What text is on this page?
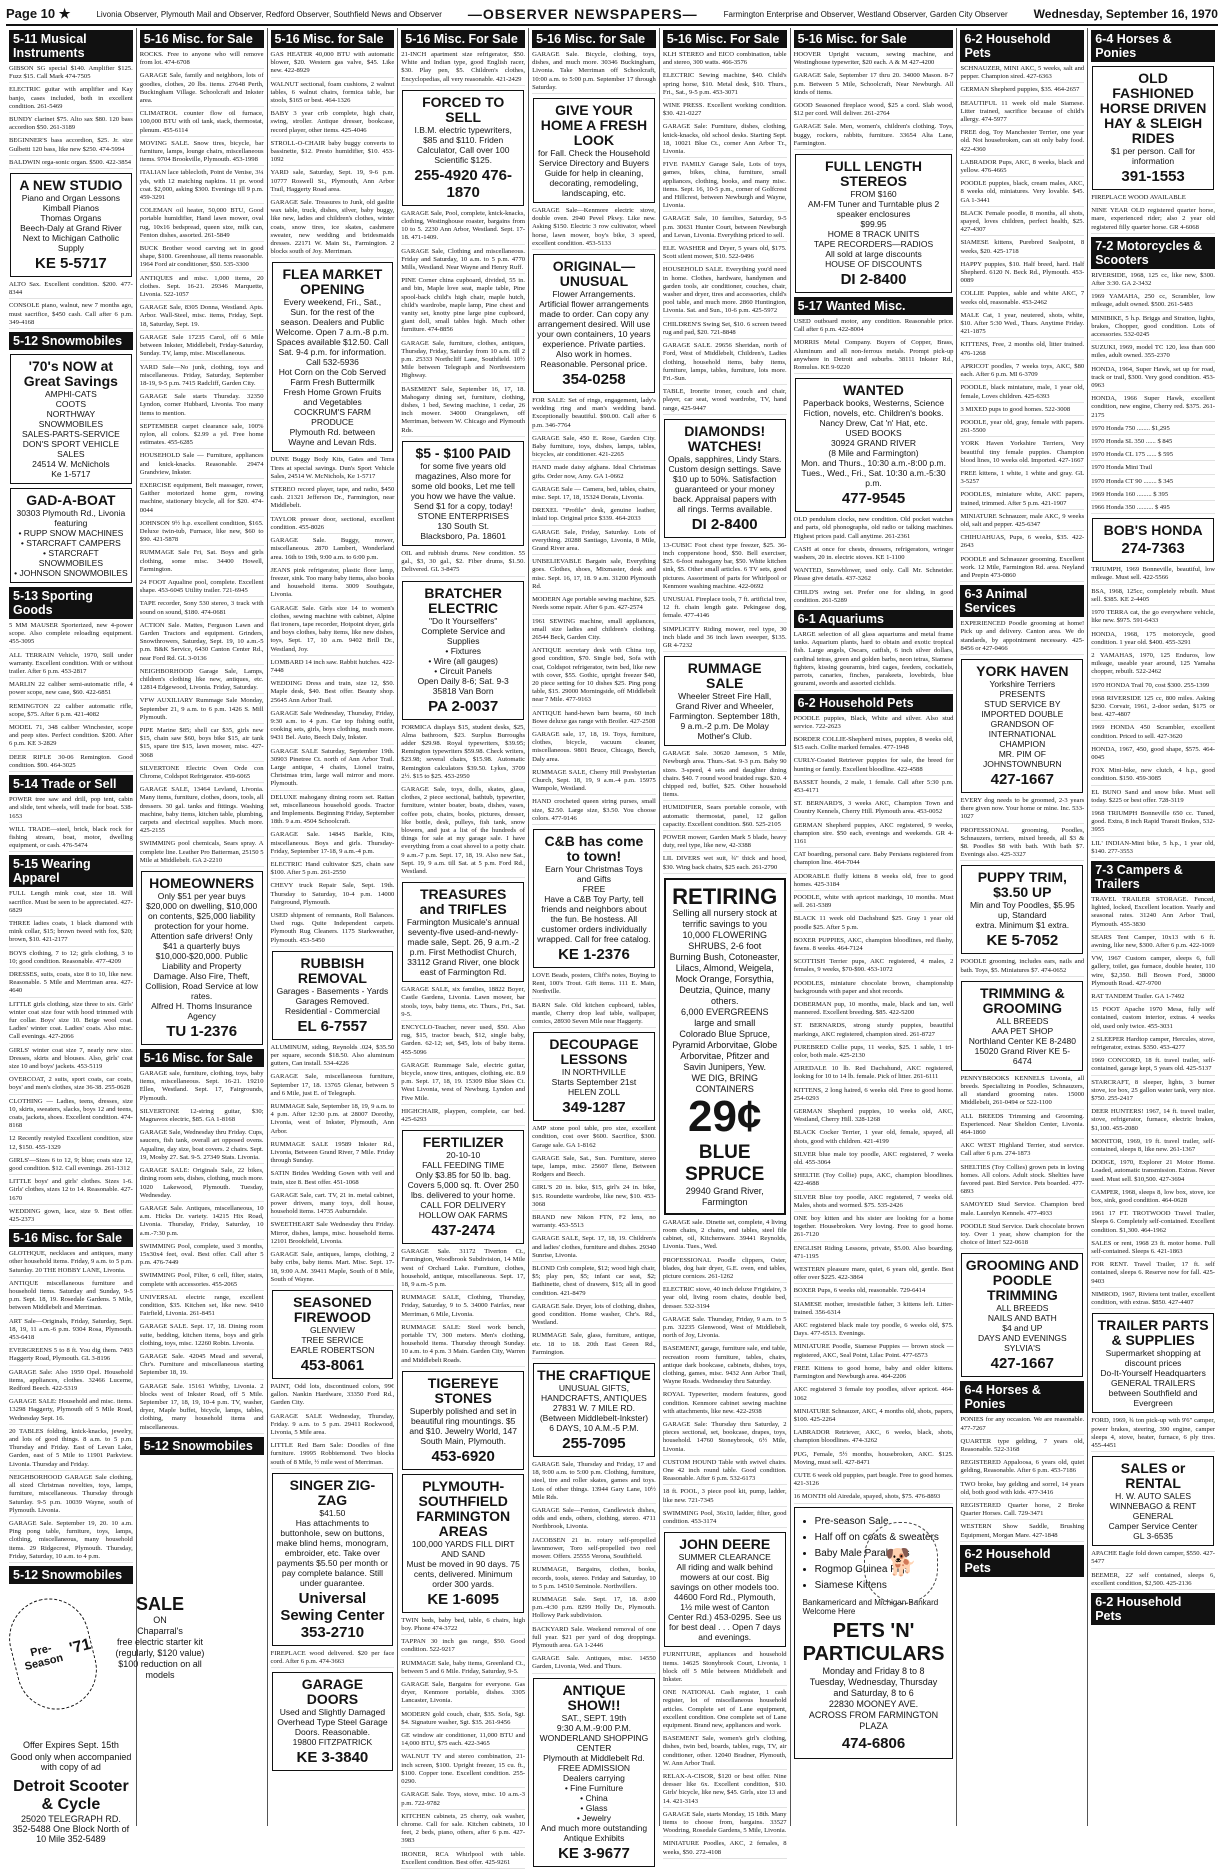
Page 10 ★	Livonia Observer, Plymouth Mail and Observer, Redford Observer, Southfield News and Observer —OBSERVER NEWSPAPERS—	Farmington Enterprise and Observer, Westland Observer, Garden City Observer Wednesday, September 16, 1970
5-11 Musical Instruments
GIBSON SG special $140. Amplifier $125. Fuzz $15. Call Mark 474-7505
ELECTRIC guitar with amplifier and Kay banjo, cases included, both in excellent condition. 261-5469
BUNDY clarinet $75. Alto sax $80. 120 bass accordion $50. 261-3189
BEGINNER'S bass accordion, $25. Jr. size Gulbetti 120 bass, like new $250. 474-5994
BALDWIN orga-sonic organ. $500. 422-3854
A NEW STUDIO
Piano and Organ Lessons
Kimball Pianos
Thomas Organs
Beech-Daly at Grand River
Next to Michigan Catholic Supply
KE 5-5717
ALTO Sax. Excellent condition. $200. 477-8344
CONSOLE piano, walnut, new 7 months ago, must sacrifice, $450 cash. Call after 6 p.m. 349-4168
5-12 Snowmobiles
'70's NOW at Great Savings
AMPHI-CATS
COOTS
NORTHWAY SNOWMOBILES
SALES-PARTS-SERVICE
DON'S SPORT VEHICLE SALES
24514 W. McNichols
Ke 1-5717
GAD-A-BOAT
30303 Plymouth Rd., Livonia featuring
• RUPP SNOW MACHINES
• STARCRAFT CAMPERS
• STARCRAFT SNOWMOBILES
• JOHNSON SNOWMOBILES
5-13 Sporting Goods
5 MM MAUSER Sporterized, new 4-power scope. Also complete reloading equipment. 455-3095
ALL TERRAIN Vehicle, 1970, Still under warranty. Excellent condition. With or without trailer. After 6 p.m. 453-2817
MARLIN 22 caliber semi-automatic rifle, 4 power scope, new case, $60. 422-6851
REMINGTON 22 caliber automatic rifle, scope, $75. After 6 p.m. 421-4082
MODEL 71, 348 caliber Winchester, scope and peep sites. Perfect condition. $200. After 6 p.m. KE 3-2829
DEER RIFLE 30-06 Remington. Good condition. $90. 464-3025
5-14 Trade or Sell
POWER tree saw and drill, pop tent, cabin and slide, tent wheels, will trade for boat. 538-1653
WILL TRADE—steel, brick, black rock for fishing stream, boat, motor, dwelling equipment, or cash. 476-5474
5-15 Wearing Apparel
FULL Length mink coat, size 18. Will sacrifice. Must be seen to be appreciated. 427-6829
THREE ladies coats, 1 black diamond with mink collar, $15; brown tweed with fox, $20; brown, $10. 421-2177
BOYS clothing, 7 to 12; girls clothing, 3 to 10; good condition. Reasonable. 477-4209
DRESSES, suits, coats, size 8 to 10, like new. Reasonable. 5 Mile and Merriman area. 427-4640
LITTLE girls clothing, size three to six. Girls' winter coat size four with hood trimmed with fur collar. Boys' size 10. Beige wool coat. Ladies' winter coat. Ladies' coats. Also misc. Call evenings. 427-2066
GIRLS' winter coat size 7, nearly new size. Dresses, skirts and blouses. Also, girls' coat size 10 and boys' jackets. 453-5119
OVERCOAT, 2 suits, sport coats, car coats, boys' and men's clothes, size 36-38. 255-0628
CLOTHING — Ladies, teens, dresses, size 10, skirts, sweaters, slacks, boys 12 and teens, coats, jackets, shoes. Excellent condition. 474-8168
12 Recently restyled Excellent condition, size 12, $150. 455-1329
GIRLS'—Sizes 6 to 12, 9; blue; coats size 12, good condition. $12. Call evenings. 261-1312
LITTLE boys' and girls' clothes. Sizes 1-6. Girls' clothes, sizes 12 to 14. Reasonable. 427-1670
WEDDING gown, lace, size 9. Best offer. 425-2373
5-16 Misc. for Sale
GLOTHQUE, necklaces and antiques, many other household items. Friday, 9 a.m. to 5 p.m. Saturday. 20 THE HOBBY LANE, Livonia.
ANTIQUE miscellaneous furniture and household items. Saturday and Sunday, 9-5 p.m. Sept. 18, 19. Rosedale Gardens. 5 Mile, between Middlebelt and Merriman.
ART Sale—Originals, Friday, Saturday, Sept. 18, 19, 11 a.m.-6 p.m. 9304 Rosa, Plymouth. 453-6418
EVERGREENS 5 to 8 ft. You dig them. 7493 Haggerty Road, Plymouth. GL 3-8196
GARAGE Sale: Also 1959 Opel. Household items, appliances, clothes. 32466 Lucerne, Redford Beech. 422-5319
GARAGE SALE: Household and misc. items. 13298 Haggerty, Plymouth off 5 Mile Road, Wednesday Sept. 16.
20 TABLES folding, knick-knacks, jewelry, and lots of good things. 8 a.m. to 5 p.m. Thursday and Friday. East of Levan Lake, Garden, east of 5 Mile to 11901 Parkview. Livonia. Thursday and Friday.
NEIGHBORHOOD GARAGE Sale clothing, all sized Christmas novelties, toys, lamps, furniture, miscellaneous. Thursday through Saturday. 9-5 p.m. 10039 Wayne, south of Plymouth. Livonia.
GARAGE Sale. September 19, 20. 10 a.m. Ping pong table, furniture, toys, lamps, clothing, miscellaneous, many household items. 29 Ridgecrest, Plymouth. Thursday, Friday, Saturday, 10 a.m. to 4 p.m.
5-12 Snowmobiles
Pre-Season
'71
SALE
ON
Chaparral's
free electric starter kit
(regularly, $120 value)
$100 reduction on all
models
Offer Expires Sept. 15th
Good only when accompanied with copy of ad
Detroit Scooter & Cycle
25020 TELEGRAPH RD.
352-5488 One Block North of 10 Mile 352-5489
5-16 Misc. for Sale
ROCKS. Free to anyone who will remove from lot. 474-6708
GARAGE Sale, family and neighbors, lots of goodies, clothes, 20 lbs. items. 27648 Perth, Buckingham Village. Schoolcraft and Inkster area.
CLIMATROL counter flow oil furnace, 100,000 BTU with oil tank, stack, thermostat, plenum. 455-6114
MOVING SALE. Snow tires, bicycle, bar furniture, lamps, lounge chairs, miscellaneous items. 9704 Brookville, Plymouth. 453-1998
ITALIAN lace tablecloth, Point de Venise, 3¼ yds, with 12 matching napkins. 11 pr. wood coat. $2,000, asking $300. Evenings till 9 p.m. 459-3291
COLEMAN oil heater, 50,000 BTU, Good portable humidifier, Hand lawn mower, oval rug, 10x16 bedspread, queen size, milk can, Fenton dishes, assorted. 261-5849
BUCK Brother wood carving set in good shape, $100. Greenhouse, all items reasonable. 1964 Ford air conditioner, $50. 535-3300
ANTIQUES and misc. 1,000 items, 20 clothes. Sept. 16-21. 29346 Marquette, Livonia. 522-1057
GARAGE Sale, 8305 Donna, Westland. Apts. Arbor. Wall-Steel, misc. items, Friday, Sept. 18, Saturday, Sept. 19.
GARAGE Sale 17235 Carol, off 6 Mile between Inkster, Middlebelt, Friday-Saturday, Sunday. TV, lamp, misc. Miscellaneous.
YARD Sale—No junk, clothing, toys and miscellaneous. Friday, Saturday, September 18-19, 9-5 p.m. 7415 Radcliff, Garden City.
GARAGE Sale starts Thursday. 32350 Lyndon, corner Hubbard, Livonia. Too many items to mention.
SEPTEMBER carpet clearance sale, 100% nylon, all colors. $2.99 a yd. Free home estimates. 455-6285
HOUSEHOLD Sale — Furniture, appliances and knick-knacks. Reasonable. 29474 Grandview, Inkster.
EXERCISE equipment, Belt massager, rower, Gaither motorized home gym, rowing machine, stationary bicycle, all for $20. 474-0044
JOHNSON 9½ h.p. excellent condition, $165. Deluxe twin-tub, Furnace, like new, $60 to $90. 421-5878
RUMMAGE Sale Fri, Sat. Boys and girls clothing, some misc. 34400 Howell, Farmington.
24 FOOT Aqualine pool, complete. Excellent shape. 453-6045 Utility trailer. 721-6945
TAPE recorder, Sony 530 stereo, 3 track with sound on sound, $180. 474-0681
ACTION Sale. Mattes, Ferguson Lawn and Garden Tractors and equipment. Grinders, Snowthrowers, Saturday, Sept. 19, 10 a.m.-5 p.m. B&K Service, 6430 Canton Center Rd., near Ford Rd. GL 3-0136
NEIGHBORHOOD Garage Sale, Lamps, children's clothing like new, antiques, etc. 12814 Edgewood, Livonia. Friday, Saturday.
VFW AUXILIARY Rummage Sale Monday, September 21, 9 a.m. to 6 p.m. 1426 S. Mill Plymouth.
PIPE Marine $85; shell car $35, girls new $15, chain saw $60, boys bike $15, air tank $15, spare tire $15, lawn mower, misc. 427-3068
SILVERTONE Electric Oven Orde con Chrome, Coldspot Refrigerator. 459-6065
GARAGE SALE, 13464 Levland, Livonia. Many items, furniture, clothes, doors, tools, all dressers. 30 gal. tanks and fittings. Washing machine, baby items, kitchen table, plumbing, carpets and electrical supplies. Much more. 425-2155
SWIMMING pool chemicals, Sears spray. A complete line. Leather Pro Batterman, 25150 5 Mile at Middlebelt. GA 2-2210
HOMEOWNERS
Only $51 per year buys $20,000 on dwelling, $10,000 on contents, $25,000 liability protection for your home. Attention safe drivers! Only $41 a quarterly buys $10,000-$20,000. Public Liability and Property Damage. Also Fire, Theft, Collision, Road Service at low rates.
Alfred H. Thoms Insurance Agency
TU 1-2376
5-16 Misc. for Sale
GARAGE sale, furniture, clothing, toys, baby items, miscellaneous. Sept. 16-21. 19210 Ellen, Westland. Sept. 17, Fairgrounds, Plymouth.
SILVERTONE 12-string guitar, $30; Magnavox electric, $85. GA 1-8168
GARAGE Sale, Wednesday thru Friday. Cups, saucers, fish tank, overall art opposed ovens. Aqualine, day size, boat covers. 2 chairs. Sept. 19, Mosby 27. Sat. 9-5. 27349 Stats. Livonia.
GARAGE SALE: Originals Sale, 22 bikes, dining room sets, dishes, clothing, much more. 1020 Lakewood, Plymouth. Tuesday, Wednesday.
GARAGE Sale. Antiques, miscellaneous, 10 a.m. Hicks Dr. variety. 14215 Hix Road, Livonia. Thursday, Friday, Saturday, 10 a.m.-7:30 p.m.
SWIMMING Pool, complete, used 3 months, 15x30x4 feet, oval. Best offer. Call after 5 p.m. 476-7449
SWIMMING Pool, Filter, 6 cell, filter, stairs, complete with accessories. 455-2065
UNIVERSAL electric range, excellent condition, $35. Kitchen set, like new. 9410 Fairfield, Livonia. 261-8451
GARAGE SALE. Sept. 17, 18. Dining room suite, bedding, kitchen items, boys and girls clothing, toys, misc. 12260 Robin. Livonia.
GARAGE Sale. 42045 Mead and several, Chr's. Furniture and miscellaneous starting September 18, 19.
GARAGE Sale. 15161 Whitby, Livonia. 2 blocks west of Inkster Road, off 5 Mile. September 17, 18, 19, 10-4 p.m. TV, washer, dryer, Maple buffet, bicycle, lamps, tables, clothing, many household items and miscellaneous.
5-12 Snowmobiles
5-16 Misc. for Sale
GAS HEATER 40,000 BTU with automatic blower, $20. Western gas valve, $45. Like new. 422-8929
WALNUT sectional, foam cushions, 2 walnut tables, 6 walnut chairs, formica table, bar stools, $165 or best. 464-1326
BABY 3 year crib complete, high chair, swing, stroller. Antique dresser, bookcase, record player, other items. 425-4046
STROLL-O-CHAIR baby buggy converts to bassinette, $12. Presto humidifier, $10. 453-1092
YARD sale, Saturday, Sept. 19, 9-6 p.m. 10777 Roswell St., Plymouth, Ann Arbor Trail, Haggerty Road area.
GARAGE Sale. Treasures to Junk, old gaslite wax table, truck, dishes, silver, baby buggy, like new, ladies and children's clothes, winter coats, snow tires, ice skates, cashmere sweater, new wedding and bridesmaids dresses. 22171 W. Main St., Farmington. 2 blocks south of Joy. Merriman.
FLEA MARKET OPENING
Every weekend, Fri., Sat., Sun. for the rest of the season. Dealers and Public Welcome. Open 7 a.m.-8 p.m. Spaces available $12.50. Call Sat. 9-4 p.m. for information. Call 532-5936
Hot Corn on the Cob Served
Farm Fresh Buttermilk
Fresh Home Grown Fruits and Vegetables
COCKRUM'S FARM PRODUCE
Plymouth Rd. between Wayne and Levan Rds.
DUNE Buggy Body Kits, Gates and Terra Tires at special savings. Dun's Sport Vehicle Sales, 24514 W. McNichols, Ke 1-5717
STEREO record player, tape, and radio, $450 cash. 21321 Jefferson Dr., Farmington, near Middlebelt.
TAYLOR presser door, sectional, excellent condition. 455-8026
GARAGE Sale. Buggy, mower, miscellaneous. 2870 Lambert, Wonderland area. 16th to 19th, 9:00 a.m. to 6:00 p.m.
JEANS pink refrigerator, plastic floor lamp, freezer, sink. Too many baby items, also books and household items. 3009 Southgate, Livonia.
GARAGE Sale. Girls size 14 to women's clothes, sewing machine with cabinet, Alpine flat ironers, tape recorder, Hotpoint dryer, girls and boys clothes, baby items, like new dishes, toys, Sept. 17, 10 a.m. 9402 Brill Dr., Westland, Joy.
LOMBARD 14 inch saw. Rabbit hutches. 422-7448
WEDDING Dress and train, size 12, $50. Maple desk, $40. Best offer. Beauty shop. 25645 Ann Arbor Trail.
GARAGE Sale Wednesday, Thursday, Friday, 9:30 a.m. to 4 p.m. Car top fishing outfit, cooking sets, girls, boys clothing, much more. 9431 Bel. Auto, Beech Daly, Inkster.
GARAGE SALE Saturday, September 19th. 30903 Pinetree Ct. north of Ann Arbor Trail. Large antique, 4 chairs, Lionel trains, Christmas trim, large wall mirror and more. Plymouth.
DELUXE mahogany dining room set. Rattan set, miscellaneous household goods. Tractor and Implements. Beginning Friday, September 18th. 9 a.m. 4504 Schoolcraft.
GARAGE Sale. 14845 Barkle, Kits, miscellaneous. Boys and girls. Thursday-Friday, September 17-18, 9 a.m.-4 p.m.
ELECTRIC Hand cultivator $25, chain saw $100. After 5 p.m. 261-2550
CHEVY truck Repair Sale, Sept. 19th. Thursday to Saturday, 10-4 p.m. 14000 Fairground, Plymouth.
USED shipment of remnants, Roll Balances. Used rugs. Quite Independent carpets. Plymouth Rug Cleaners. 1175 Starkweather, Plymouth. 453-5450
RUBBISH REMOVAL
Garages - Basements - Yards
Garages Removed.
Residential - Commercial
EL 6-7557
ALUMINUM, siding, Reynolds .024, $35.50 per square, seconds $18.50. Also aluminum gutters, Can install. 534-4226
GARAGE Sale, miscellaneous furniture, September 17, 18. 13765 Glenar, between 5 and 6 Mile, just E. of Telegraph.
RUMMAGE Sale, September 18, 19, 9 a.m. to 4 p.m. After 12:30 p.m. at 28007 Dorothy, Livonia, west of Inkster, Plymouth, Ann Arbor.
RUMMAGE SALE 19589 Inkster Rd., Livonia, Between Grand River, 7 Mile. Friday through Sunday.
SATIN Brides Wedding Gown with veil and train, size 8. Best offer. 451-1068
GARAGE Sale, cart. TV, 21 in. metal cabinet, power drivers, many toys, doll house, household items. 14735 Auburndale.
SWEETHEART Sale Wednesday thru Friday. Mirror, dishes, lamps, misc. household items. 12101 Brookfield, Livonia.
GARAGE Sale, antiques, lamps, clothing, 2 baby cribs, baby items. Mart. Misc. Sept. 17-18, 9:00 A.M. 39411 Maple, South of 8 Mile, South of Wayne.
SEASONED FIREWOOD
GLENVIEW
TREE SERVICE
EARLE ROBERTSON
453-8061
PAINT, Odd lots, discontinued colors, 99¢ gallon. Nankin Hardware, 33350 Ford Rd., Garden City.
GARAGE SALE Wednesday, Thursday, Friday. 9 a.m. to 5 p.m. 29411 Rockwood, Livonia, 5 Mile area.
LITTLE Red Barn Sale: Doodles of fine furniture. 19995 Robbiemond. Two blocks south of 8 Mile, ½ mile west of Merriman.
SINGER ZIG-ZAG
$41.50
Has attachments to buttonhole, sew on buttons, make blind hems, monogram, embroider, etc. Take over payments $5.50 per month or pay complete balance. Still under guarantee.
Universal Sewing Center 353-2710
FIREPLACE wood delivered. $20 per face cord. After 6 p.m. 474-3663
GARAGE DOORS
Used and Slightly Damaged
Overhead Type Steel Garage Doors. Reasonable.
19800 FITZPATRICK
KE 3-3840
5-16 Misc. For Sale
21-INCH apartment size refrigerator, $50. White and Indian type, good English racer, $30. Play pen, $5. Children's clothes, Encyclopedias, all very reasonable. 421-2429
FORCED TO SELL
I.B.M. electric typewriters, $85 and $110. Friden Calculator, Call over 100 Scientific $125.
255-4920 476-1870
GARAGE Sale, Pool, complete, knick-knacks, clothing, Westinghouse roaster, bargains from 10 to 5. 2230 Ann Arbor, Westland. Sept. 17-18. 471-1409.
GARAGE Sale, Clothing and miscellaneous. Friday and Saturday, 10 a.m. to 5 p.m. 4770 Mills, Westland. Near Wayne and Henry Ruff.
PINE Corner china cupboard, divided, 55 in. and bin, Maple love seat, maple table, Pine spool-back child's high chair, maple hutch, child's wardrobe, maple lamp, Pine chest and vanity set, knotty pine large pine cupboard, giant doll, small tables high. Much other furniture. 474-8856
GARAGE Sale, furniture, clothes, antiques, Thursday, Friday, Saturday from 10 a.m. till 2 p.m. 25333 Northcliff Lane, Southfield. 10½ Mile between Telegraph and Northwestern Highway.
BASEMENT Sale, September 16, 17, 18. Mahogany dining set, furniture, clothing, dishes, 1 bed, Sewing machine, 1 cedar, 26 inch mower. 34000 Orangelawn, off Merriman, between W. Chicago and Plymouth Rds.
$5 - $100 PAID
for some five years old magazines, Also more for some old books, Let me tell you how we have the value. Send $1 for a copy, today!
STONE ENTERPRISES
130 South St.
Blacksboro, Pa. 18601
OIL and rubbish drums. New condition. 55 gal., $3, 30 gal., $2. Fiber drums, $1.50. Delivered. GL 3-8475
BRATCHER ELECTRIC
"Do It Yourselfers"
Complete Service and Supplies
• Fixtures
• Wire (all gauges)
• Circuit Panels
Open Daily 8-6; Sat. 9-3
35818 Van Born
PA 2-0037
FORMICA displays $15, student desks, $25, Alma bathroom, $23. Surplus Burroughs adder $29.98. Royal typewriters, $39.95; Remington typewriters $59.98. Check writers, $23.98; several chairs, $15.98. Automatic Remington calculators $39.50. Lykes, 3709 2½. $15 to $25. 453-2950
GARAGE Sale, toys, dolls, skates, glass, clothes, 2 piece sectional, bathtub, typewriter, furniture, winter boater, boats, dishes, vases, coffee pots, chairs, books, pictures, dresser, like bottle, desk, pulleys, fish tank, snow blowers, and just a list of the hundreds of things for sale at my garage sale. I have everything from a coat shovel to a potty chair. 9 a.m.-7 p.m. Sept. 17, 18, 19. Also new Sat., Sept. 19, 9 a.m. till Sat. at 5 p.m. Ford Rd., Westland.
TREASURES and TRIFLES
Farmington Musicale's annual seventy-five used-and-newly-made sale, Sept. 26, 9 a.m.-2 p.m. First Methodist Church, 33112 Grand River, one block east of Farmington Rd.
GARAGE SALE, six families, 18822 Boyer, Castle Gardens, Livonia. Lawn mower, bar stools, toys, baby items, etc. Thurs., Fri., Sat. 9-5.
ENCYCLO-Teacher, never used, $50. Also rug, $15, tractor beach, $12, single baby, Garden. 62-12; set, $45, lots of baby items. 455-5096
GARAGE Rummage Sale, electric guitar, bicycle, snow tires, antiques, clothing, etc. 8.9 p.m. Sept. 17, 18, 19. 15309 Blue Skies Ct. West Livonia, west of Newburg. Lyndon and Five Mile.
HIGHCHAIR, playpen, complete, car bed. 425-6293
FERTILIZER
20-10-10
FALL FEEDING TIME
Only $3.85 for 50 lb. bag. Covers 5,000 sq. ft. Over 250 lbs. delivered to your home.
CALL FOR DELIVERY
HOLLOW OAK FARMS
437-2474
GARAGE Sale. 31172 Tiverton Ct., Farmington, Woodbrook Subdivision, 14 Mile west of Orchard Lake. Furniture, clothes, household, antique, miscellaneous. Sept. 17, 18, 9 a.m.-5 p.m.
RUMMAGE SALE, Clothing, Thursday, Friday, Saturday, 9 to 5. 34000 Fairfax, near Merriman, 6 Mile, Livonia.
RUMMAGE SALE: Steel work bench, portable TV, 300 meters. Men's clothing, household items. Thursday through Sunday. 10 a.m. to 4 p.m. 3 Main. Garden City, Warren and Middlebelt Roads.
TIGEREYE STONES
Superbly polished and set in beautiful ring mountings. $5 and $10. Jewelry World, 147 South Main, Plymouth.
453-6920
PLYMOUTH-SOUTHFIELD FARMINGTON AREAS
100,000 YARDS FILL DIRT AND SAND
Must be moved in 90 days. 75 cents, delivered. Minimum order 300 yards.
KE 1-6095
TWIN beds, baby bed, table, 6 chairs, high boy. Phone 474-3722
TAPPAN 30 inch gas range, $50. Good condition. 522-9217
RUMMAGE Sale, baby items, Greenland Ct., between 5 and 6 Mile. Friday, Saturday, 9-5.
GARAGE Sale, Bargains for everyone. Gas dryer, Kenmore portable, dishes. 3305 Lancaster, Livonia.
MODERN gold couch, chair, $35. Sofa, Sgt. $4. Signature washer, Sgt. $35. 261-9456
GE window air conditioner, 11,000 BTU and 14,000 BTU, $75 each. 422-3465
WALNUT TV and stereo combination, 21-inch screen, $100. Upright freezer, 15 cu. ft., $100. Copper tone. Excellent condition. 255-0290.
GARAGE Sale. Toys, stove, misc. 10 a.m.-3 p.m. 722-9782
KITCHEN cabinets, 25 cherry, oak washer, chrome. Call for sale. Kitchen cabinets, 10 feet, 2 beds, piano, others, after 6 p.m. 427-3983
IRONER, RCA Whirlpool with table. Excellent condition. Best offer. 425-9261
5-16 Misc. for Sale
GARAGE Sale. Bicycle, clothing, toys, dishes, and much more. 30346 Buckingham, Livonia. Take Merriman off Schoolcraft, 10:00 a.m. to 5:00 p.m. September 17 through Saturday.
GIVE YOUR HOME A FRESH LOOK
for Fall. Check the Household Service Directory and Buyers Guide for help in cleaning, decorating, remodeling, landscaping, etc.
GARAGE Sale—Kenmore electric stove, double oven. 2940 Pevel Pkwy. Like new. Asking $150. Electric 3 row cultivator, wheel horse, lawn mower, boy's bike, 3 speed, excellent condition. 453-5133
ORIGINAL—UNUSUAL
Flower Arrangements. Artificial flower arrangements made to order. Can copy any arrangement desired. Will use your own containers, 10 years experience. Private parties. Also work in homes. Reasonable. Personal price.
354-0258
FOR SALE: Set of rings, engagement, lady's wedding ring and man's wedding band. Exceptionally beautiful. $90.00. Call after 6 p.m. 346-7764
GARAGE Sale, 450 E. Rose, Garden City. Baby furniture, toys, dishes, lamps, tables, bicycles, air conditioner. 421-2265
HAND made daisy afghans. Ideal Christmas gifts. Order now, Amy. GA 1-0662
GARAGE Sale — Camera, bed, tables, chairs, misc. Sept. 17, 18, 15324 Dorais, Livonia.
DREXEL "Profile" desk, genuine leather, inlaid top. Original price $339. 464-2033
GARAGE Sale, Friday, Saturday. Lots of everything. 20288 Santiago, Livonia, 8 Mile, Grand River area.
UNBELIEVABLE Bargain sale, Everything goes. Clothes, shoes, Mixmaster, desk and misc. Sept. 16, 17, 18. 9 a.m. 31200 Plymouth Rd.
MODERN Age portable sewing machine, $25. Needs some repair. After 6 p.m. 427-2574
1961 SEWING machine, small appliances, small size ladies and children's clothing. 26544 Beck, Garden City.
ANTIQUE secretary desk with China top, good condition, $70. Single bed, Sofa with coat, Coldspot refrigerator, twin bed, like new with cover, $55. Gothic, upright freezer $40, 20 piece setting for 10 dishes $25. Ping pong table, $15. 29000 Morningside, off Middlebelt near 7 Mile. 477-9163
ANTIQUE hand-hewn barn beams, 60 inch Bowe deluxe gas range with Broiler. 427-2508
GARAGE sale, 17, 18, 19. Toys, furniture, clothes, bicycle, vacuum cleaner, miscellaneous. 9801 Bruce, Chicago, Beech, Daly area.
RUMMAGE SALE, Cherry Hill Presbyterian Church, Sept. 18, 19, 9 a.m.-4 p.m. 15975 Wampole, Westland.
HAND crocheted queen string purses, small size, $2.50. Large size, $3.50. You choose colors. 477-9146
C&B has come to town!
Earn Your Christmas Toys and Gifts
FREE
Have a C&B Toy Party, tell friends and neighbors about the fun. Be hostess. All customer orders individually wrapped. Call for free catalog.
KE 1-2376
LOVE Beads, posters, Cliff's notes, Buying to Rent, 100's Trout. Gift items. 111 E. Main, Northville.
BARN Sale. Old kitchen cupboard, tables, mantle, Cherry drop leaf table, wallpaper, comics, 28930 Seven Mile near Haggerty.
DECOUPAGE LESSONS
IN NORTHVILLE
Starts September 21st
HELEN ZOLL
349-1287
AMP stone pool table, pro size, excellent condition, cost over $600. Sacrifice, $300. Garage sale. GA 1-8162
GARAGE Sale, Sat., Sun. Furniture, stereo tape, lamps, misc. 25607 Ilene, Between Rodgers and Beech.
GIRL'S 20 in. bike, $15, girl's 24 in. bike, $15. Roundette wardrobe, like new, $10. 453-3068
BRAND new Nikon FTN, F2 lens, no warranty. 453-5513
GARAGE SALE, Sept. 17, 18, 19. Children's and ladies' clothes, furniture and dishes. 29340 Sunrise, Livonia.
BLOND Crib complete, $12; wood high chair, $5; play pen, $5; infant car seat, $2; Bathinette, chest of drawers, $15; all in good condition. 421-8479
GARAGE Sale. Dryer, lots of clothing, dishes, good condition. Home washer, Chr's. Rd., Westland.
RUMMAGE Sale, glass, furniture, antique, etc. 18 to 18. 20th East Green Rd., Farmington.
THE CRAFTIQUE
UNUSUAL GIFTS, HANDCRAFTS, ANTIQUES
27831 W. 7 MILE RD. (Between Middlebelt-Inkster)
6 DAYS, 10 A.M.-5 P.M.
255-7095
GARAGE Sale, Thursday and Friday, 17 and 18, 9:00 a.m. to 5:00 p.m. Clothing, furniture, steel, tire and roller skates, games and toys. Lots of other things. 13944 Gary Lane, 10½ Mile Rds.
GARAGE Sale—Fenton, Candlewick dishes, odds and ends, others, clothing, stereo. 4711 Northbrook, Livonia.
JACOBSEN 21 in. rotary self-propelled lawnmower, Toro self-propelled two reel mower. Offers. 25555 Verona, Southfield.
RUMMAGE, Bargains, clothes, books, records, tools, stereo. Friday and Saturday, 10 to 5 p.m. 14510 Seminole. Northvillers.
RUMMAGE Sale. Sept. 17, 18. 8:00 p.m.-4:30 p.m. 8299 Holly Dr., Plymouth. Hollowy Park subdivision.
BACKYARD Sale. Weekend removal of one full year. $21 per yard of dog droppings. Plymouth area. GA 1-2446
GARAGE Sale. Antiques, misc. 14550 Garden, Livonia, Wed. and Thurs.
ANTIQUE SHOW!!
SAT., SEPT. 19th
9:30 A.M.-9:00 P.M.
WONDERLAND SHOPPING CENTER
Plymouth at Middlebelt Rd.
FREE ADMISSION
Dealers carrying
• Fine Furniture
• China
• Glass
• Jewelry
And much more outstanding Antique Exhibits
KE 3-9677
5-16 Misc. For Sale
KLH STEREO and EICO combination, table and stereo, 300 watts. 466-3576
ELECTRIC Sewing machine, $40. Child's spring horse, $10. Metal desk, $10. Thurs., Fri., Sat., 9-5 p.m. 453-3071
WINE PRESS. Excellent working condition. $30. 421-0227
GARAGE Sale: Furniture, dishes, clothing, knick-knacks, old school desks. Starting Sept. 18, 10021 Blue Ct., corner Ann Arbor Tr., Livonia.
FIVE FAMILY Garage Sale, Lots of toys, games, bikes, china, furniture, small appliances, clothing, books, and many misc. items. Sept. 16, 10-5 p.m., corner of Golfcrest and Hillcrest, between Newburgh and Wayne, Livonia.
GARAGE Sale, 10 families, Saturday, 9-5 p.m. 30631 Hunter Court, between Newburgh and Levan, Livonia. Everything priced to sell.
ELE. WASHER and Dryer, 5 years old, $175. Scott silent mower, $10. 522-9496
HOUSEHOLD SALE. Everything you'd need in home. Clothes, hardware, handymen and garden tools, air conditioner, couches, chair, washer and dryer, tires and accessories, child's pool table, and much more. 2860 Huntington, Livonia. Sat. and Sun., 10-6 p.m. 425-5972
CHILDREN'S Swing Set, $10. 6 screen tweed rug and pad, $20. 721-8848
GARAGE SALE. 29656 Sheridan, north of Ford, West of Middlebelt, Children's, Ladies clothing, household items, baby items, furniture, lamps, tables, furniture, lots more. Fri.-Sun.
TABLE, Ironrite ironer, couch and chair, player, car seat, wood wardrobe, TV, hand range, 425-9447
DIAMONDS! WATCHES!
Opals, sapphires, Lindy Stars. Custom design settings. Save $10 up to 50%. Satisfaction guaranteed or your money back. Appraisal papers with all rings. Terms available.
DI 2-8400
13-CUBIC Foot chest type freezer, $25. 36-inch copperstone hood, $50. Bell exerciser, $25. 6-foot mahogany bar, $50. White kitchen sink, $5. Other small articles. 6 TV sets, good pictures. Assortment of parts for Whirlpool or Kenmore washing machine. 422-0692
UNUSUAL Fireplace tools, 7 ft. artificial tree, 12 ft. chain length gate. Pekingese dog, female. 477-4146
SIMPLICITY Riding mower, reel type, 30 inch blade and 36 inch lawn sweeper, $135. GR 4-7232
RUMMAGE SALE
Wheeler Street Fire Hall, Grand River and Wheeler, Farmington. September 18th, 9 a.m.-2 p.m. De Molay Mother's Club.
GARAGE Sale. 30620 Jameson, 5 Mile, Newburgh area. Thurs.-Sat. 9-3 p.m. Baby 90 sizes. 3-speed, 4 sets and daughter dining chairs. $40. 7 round wood braided rugs. $20. 4 chipped red, buffet, $25. Other household items.
HUMIDIFIER, Sears portable console, with automatic thermostat, panel, 12 gallon capacity. Excellent condition. $60. 525-2105
POWER mower, Garden Mark 5 blade, heavy duty, reel type, like new, 42-3388
LIL DIVERS wet suit, ¾" thick and hood, $30. Wing back chairs, $25 each. 261-2790
RETIRING
Selling all nursery stock at terrific savings to you
10,000 FLOWERING SHRUBS, 2-6 foot
Burning Bush, Cotoneaster, Lilacs, Almond, Weigela, Mock Orange, Forsythia, Deutzia, Quince, many others.
6,000 EVERGREENS
large and small
Colorado Blue Spruce, Pyramid Arborvitae, Globe Arborvitae, Pfitzer and Savin Junipers, Yew.
WE DIG, BRING CONTAINERS
29¢
BLUE SPRUCE
29940 Grand River, Farmington
GARAGE sale. Dinette set, complete, 4 living room chairs, 2 chairs, end tables, steel file cabinet, oil, Kitchenware. 39441 Reynolds, Livonia. Tues., Wed.
PROFESSIONAL Poodle clippers, Oster, blades, dog hair dryer, G.E. oven, end tables, picture cornices. 261-1262
ELECTRIC stove, 40 inch deluxe Frigidaire, 3 year old, living room chairs, double bed, dresser. 532-3194
GARAGE Sale. Thursday, Friday, 9 a.m. to 5 p.m. 32235 Glenwood, West of Middlebelt, north of Joy, Livonia.
BASEMENT, garage, furniture sale, end table, recreation room furniture, tables, chairs, antique dark bookcase, cabinets, dishes, toys, clothing, games, misc. 9432 Ann Arbor Trail, Wayne Roads. Wednesday thru Saturday.
ROYAL Typewriter, modern features, good condition. Kenmore cabinet sewing machine with attachments, like new. 422-2938
GARAGE Sale: Thursday thru Saturday, 2 pieces sectional, set, bookcase, drapes, toys, household. 14760 Stoneybrook, 6½ Mile, Livonia.
CUSTOM HOUND Table with swivel chairs. One 42 inch round table. Good condition. Reasonable. After 6 p.m. 532-6173
18 ft. POOL, 3 piece pool kit, pump, ladder, like new. 721-7345
SWIMMING Pool, 36x10, ladder, filter, good condition. 453-3174
JOHN DEERE
SUMMER CLEARANCE
All riding and walk behind mowers at our cost. Big savings on other models too. 44600 Ford Rd., Plymouth, 1½ mile west of Canton Center Rd.) 453-0295. See us for best deal . . . Open 7 days and evenings.
FURNITURE, appliances and household items. 14625 Stonybrook Court, Livonia, 1 block off 5 Mile between Middlebelt and Inkster.
ONE NATIONAL Cash register, 1 cash register, lot of miscellaneous household articles. Complete set of Lane equipment, excellent condition. One complete set of Lane equipment. Brand new, appliances and work.
BASEMENT Sale, women's girl's clothing, dishes, twin bed, boards, tables, rugs, TV, air conditioner, other. 12040 Bradner, Plymouth, W. Ann Arbor Trail.
RELAX-A-CISOR, $120 or best offer. Nine dresser like 6x. Excellent condition, $10. Girls' bicycle, like new, $45. Girls, size 13 and 14. 421-3143
GARAGE Sale, starts Monday, 15 18th. Many items to choose from, bargains. 33527 Woodring, Rosedale Gardens, 5 Mile, Livonia.
MINIATURE Poodles, AKC, 2 females, 8 weeks, $50. 272-4108
5-16 Misc. for Sale
HOOVER Upright vacuum, sewing machine, and Westinghouse typewriter, $20 each. A & M 427-4200
GARAGE Sale, September 17 thru 20. 34000 Mason. 8-7 p.m. Between 5 Mile, Schoolcraft, Near Newburgh. All kinds of items.
GOOD Seasoned fireplace wood, $25 a cord. Slab wood, $12 per cord. Will deliver. 261-2764
GARAGE Sale. Men, women's, children's clothing. Toys, buggy, rockers, rabbits, furniture. 33654 Alta Lane, Farmington.
FULL LENGTH STEREOS
FROM $160
AM-FM Tuner and Turntable plus 2 speaker enclosures
$99.95
HOME 8 TRACK UNITS
TAPE RECORDERS—RADIOS
All sold at large discounts
HOUSE OF DISCOUNTS
DI 2-8400
5-17 Wanted Misc.
USED outboard motor, any condition. Reasonable price. Call after 6 p.m. 422-8004
MORRIS Metal Company. Buyers of Copper, Brass, Aluminum and all non-ferrous metals. Prompt pick-up anywhere in Detroit and suburbs. 38111 Inkster Rd., Romulus. KE 9-9220
WANTED
Paperback books, Westerns, Science Fiction, novels, etc. Children's books. Nancy Drew, Cat 'n' Hat, etc.
USED BOOKS
30924 GRAND RIVER
(8 Mile and Farmington)
Mon. and Thurs., 10:30 a.m.-8:00 p.m. Tues., Wed., Fri., Sat. 10:30 a.m.-5:30 p.m.
477-9545
OLD pendulum clocks, new condition. Old pocket watches and parts, old phonographs, old radio or talking machines. Highest prices paid. Call anytime. 261-2361
CASH at once for chests, dressers, refrigerators, wringer washers, 20 in. electric stoves. KE 1-1100
WANTED, Snowblower, used only. Call Mr. Schneider. Please give details. 437-3262
CHILD'S swing set. Prefer one for sliding, in good condition. 261-5289
6-1 Aquariums
LARGE selection of all glass aquariums and metal frame tanks. Aquarium plants, hard to obtain and exotic tropical fish. Large angels, Oscars, catfish, 6 inch silver dollars, cardinal tetras, green and golden barbs, neon tetras, Siamese fighters, kissing gouramis, bird cages, feeders, cockatiels, parrots, canaries, finches, parakeets, lovebirds, blue gourami, swords and assorted cichlids.
6-2 Household Pets
POODLE puppies, Black, White and silver. Also stud service. 722-2623
BORDER COLLIE-Shepherd mixes, puppies, 8 weeks old, $15 each. Collie marked females. 477-1948
CURLY-Coated Retriever puppies for sale, the breed for hunting or family. Excellent bloodline. 422-4588
BASSET hounds, 2 male, 1 female. Call after 5:30 p.m. 453-4171
ST. BERNARD'S, 3 weeks AKC, Champion Town and Country Kennels, Cherry Hill. Plymouth area. 453-0052
GERMAN Shepherd puppies, AKC registered, 9 weeks, champion sire. $50 each, evenings and weekends. GR 4-1161
CAT boarding, personal care. Baby Persians registered from champion line. 464-7044
ADORABLE fluffy kittens 8 weeks old, free to good homes. 425-3184
POODLE, white with apricot markings, 10 months. Must sell. 261-5389
BLACK 11 week old Dachshund $25. Gray 1 year old poodle $25. After 5 p.m.
BOXER PUPPIES, AKC, champion bloodlines, red flashy, fawns. 8 weeks. 464-7124
SCOTTISH Terrier pups, AKC registered, 4 males, 2 females, 9 weeks, $70-$90. 453-1072
POODLES, miniature chocolate brown, championship backgrounds with paper and shot records.
DOBERMAN pup, 10 months, male, black and tan, well mannered. Excellent breeding. $85. 422-5200
ST. BERNARDS, strong sturdy puppies, beautiful markings, AKC registered, champion sired. 261-8727
PUREBRED Collie pups, 11 weeks, $25. 1 sable, 1 tri-color, both male. 425-2130
AIREDALE 10 lb. Red Dachshund, AKC registered, looking for 10 to 14 lb. female. Pick of litter. 261-6111
KITTENS, 2 long haired, 6 weeks old. Free to good home. 254-0293
GERMAN Shepherd puppies, 10 weeks old, AKC, Westland, Cherry Hill. 328-1268
BLACK Cocker Terrier, 1 year old, female, spayed, all shots, good with children. 421-4199
SILVER blue male toy poodle, AKC registered, 7 weeks old. 455-3064
SHELTIE (Toy Collie) pups, AKC, champion bloodlines. 422-4688
SILVER Blue toy poodle, AKC registered, 7 weeks old. Males, shots and wormed. $75. 535-2426
ONE boy kitten and his sister are looking for a home together. Housebroken. Very loving. Free to good home. 261-7120
ENGLISH Riding Lessons, private, $5.00. Also boarding. 471-1195
WESTERN pleasure mare, quiet, 6 years old, gentle. Best offer over $225. 422-3864
BOXER Pups, 6 weeks old, reasonable. 729-6414
SIAMESE mother, irresistible father, 3 kittens left. Litter-trained. 356-6314
AKC registered black male toy poodle, 6 weeks old, $75. Days. 477-6513. Evenings.
MINIATURE Poodle, Siamese Puppies — brown stock — registered, AKC, Seal Point, Lilac Point. 477-6573
FREE Kittens to good home, baby and older kittens. Farmington and Newburgh area. 464-2206
AKC registered 3 female toy poodles, silver apricot. 464-1062
MINIATURE Schnauzer, AKC, 4 months old, shots, papers, $100. 425-2264
LABRADOR Retriever, AKC, 6 weeks, black, shots, champion bloodlines. 474-3262
PUG, Female, 5½ months, housebroken, AKC. $125. Moving, must sell. 427-8471
CUTE 6 week old puppies, part beagle. Free to good homes. 421-3126
16 MONTH old Airedale, spayed, shots, $75. 476-8893
🐕
• Pre-season Sale
• Half off on coats & sweaters
• Baby Male Parakeets
• Rogmop Guinea Pigs
• Siamese Kittens
Bankamericard and Michigan Bankard Welcome Here
PETS 'N' PARTICULARS
Monday and Friday 8 to 8
Tuesday, Wednesday, Thursday and Saturday, 8 to 6
22830 MOONEY AVE.
ACROSS FROM FARMINGTON PLAZA
474-6806
6-2 Household Pets
SCHNAUZER, MINI AKC, 5 weeks, salt and pepper. Champion sired. 427-6363
GERMAN Shepherd puppies, $35. 464-2657
BEAUTIFUL 11 week old male Siamese. Litter trained, sacrifice because of child's allergy. 474-5977
FREE dog, Toy Manchester Terrier, one year old. Not housebroken, can sit only baby food. 422-4360
LABRADOR Pups, AKC, 8 weeks, black and yellow. 476-4665
POODLE puppies, black, cream males, AKC, 8 weeks old, miniatures. Very lovable. $45. GA 1-3441
BLACK Female poodle, 8 months, all shots, spayed, loves children, perfect health, $25. 427-4307
SIAMESE kittens, Purebred Sealpoint, 8 weeks, $20. 425-1718
HAPPY puppies, $10. Half breed, hard. Half Shepherd. 6120 N. Beck Rd., Plymouth. 453-0089
COLLIE Puppies, sable and white AKC, 7 weeks old, reasonable. 453-2462
MALE Cat, 1 year, neutered, shots, white, $10. After 5:30 Wed., Thurs. Anytime Friday. 421-1875
KITTENS, Free, 2 months old, litter trained. 476-1268
APRICOT poodles, 7 weeks toys, AKC, $80 each. After 6 p.m. MI 6-3709
POODLE, black miniature, male, 1 year old, female, Loves children. 425-6393
3 MIXED pups to good homes. 522-3008
POODLE, year old, gray, female with papers. 261-5500
YORK Haven Yorkshire Terriers, Very beautiful tiny female puppies. Champion blood lines, 10 weeks old. Imported. 427-1667
FREE kittens, 1 white, 1 white and gray. GL 3-5257
POODLES, miniature white, AKC papers, trained, trimmed. After 5 p.m. 421-1907
MINIATURE Schnauzer, male AKC, 9 weeks old, salt and pepper. 425-6347
CHIHUAHUAS, Pups, 6 weeks, $35. 422-2643
POODLE and Schnauzer grooming. Excellent work. 12 Mile, Farmington Rd. area. Neyland and Prepin 473-0860
6-3 Animal Services
EXPERIENCED Poodle grooming at home! Pick up and delivery. Canton area. We do standards, by appointment necessary. 425-8456 or 427-0466
YORK HAVEN
Yorkshire Terriers
PRESENTS
STUD SERVICE BY
IMPORTED DOUBLE GRANDSON OF
INTERNATIONAL CHAMPION
MR. PIM OF
JOHNSTOWNBURN
427-1667
EVERY dog needs to be groomed, 2-3 years there given now. Your home or mine. Inc. 533-1027
PROFESSIONAL grooming, Poodles, Schnauzers, terriers, mixed breeds, all $3 & $8. Poodles $8 with bath. With bath $7. Evenings also. 425-3327
PUPPY TRIM, $3.50 UP
Min and Toy Poodles, $5.95 up, Standard
extra. Minimum $1 extra.
KE 5-7052
POODLE grooming, includes ears, nails and bath. Toys, $5. Miniatures $7. 474-0652
TRIMMING & GROOMING
ALL BREEDS
AAA PET SHOP
Northland Center KE 8-2480
15020 Grand River KE 5-6474
PENNYBROOKS KENNELS Livonia, all breeds. Specializing in Poodles, Schnauzers, all standard grooming rates. 15000 Middlebelt, 261-0494 or 522-1100
ALL BREEDS Trimming and Grooming. Experienced. Near Sheldon Center, Livonia. 464-1860
AKC WEST Highland Terrier, stud service. Call after 6 p.m. 274-1873
SHELTIES (Toy Collies) grown pets in loving homes. All colors. Adult stock. Shelties have favored past. Bird Service. Pets boarded. 477-6893
SAMOYED Stud Service. Champion bred male. Laurelyn Kennels. 477-4933
POODLE Stud Service. Dark chocolate brown toy. Over 1 year, show champion for the choice of litter! 522-0618
GROOMING AND POODLE TRIMMING
ALL BREEDS
NAILS AND BATH
$4 and UP
DAYS AND EVENINGS
SYLVIA'S
427-1667
6-4 Horses & Ponies
PONIES for any occasion. We are reasonable. 477-7267
QUARTER type gelding, 7 years old, Reasonable. 522-3168
REGISTERED Appaloosa, 6 years old, quiet gelding, Reasonable. After 6 p.m. 453-7186
TWO broke, bay gelding and sorrel, 14 years old, both good with kids. 477-3416
REGISTERED Quarter horse, 2 Broke Quarter Horses. Call. 729-3471
WESTERN Show Saddle, Brushing Equipment, Morgan Mare. 427-1848
6-2 Household Pets
6-4 Horses & Ponies
OLD FASHIONED HORSE DRIVEN HAY & SLEIGH RIDES
$1 per person. Call for information
391-1553
FIREPLACE WOOD AVAILABLE
NINE YEAR OLD registered quarter horse, mare, experienced rider; also 2 year old registered filly quarter horse. GR 4-6068
7-2 Motorcycles & Scooters
RIVERSIDE, 1968, 125 cc, like new, $300. After 3:30. GA 2-3432
1969 YAMAHA, 250 cc, Scrambler, low mileage, adult owned. $500. 261-5483
MINIBIKE, 5 h.p. Briggs and Stratton, lights, brakes, Chopper, good condition. Lots of accessories. 532-0245
SUZUKI, 1969, model TC 120, less than 600 miles, adult owned. 355-2370
HONDA, 1964, Super Hawk, set up for road, track or trail, $300. Very good condition. 453-0963
HONDA, 1966 Super Hawk, excellent condition, new engine, Cherry red. $375. 261-2175
1970 Honda 750 ........ $1,295
1970 Honda SL 350 ...... $ 845
1970 Honda CL 175 ...... $ 595
1970 Honda Mini Trail
1970 Honda CT 90 ........ $ 345
1969 Honda 160 ......... $ 395
1966 Honda 350 .......... $ 495
BOB'S HONDA
274-7363
TRIUMPH, 1969 Bonneville, beautiful, low mileage. Must sell. 422-5566
BSA, 1968, 125cc, completely rebuilt. Must sell. $385. KE 2-4405
1970 TERRA cat, the go everywhere vehicle, like new. $975. 591-6433
HONDA, 1968, 175 motorcycle, good condition. 1 year old. $400. 455-3291
2 YAMAHAS, 1970, 125 Enduros, low mileage, useable year around, 125 Yamaha chopper, rebuilt. 522-2462
1970 HONDA Trail 70, cost $300. 255-1399
1968 RIVERSIDE 125 cc, 800 miles. Asking $230. Corvair, 1961, 2-door sedan, $175 or best. 427-4807
1969 HONDA 450 Scrambler, excellent condition. Priced to sell. 427-3620
HONDA, 1967, 450, good shape, $575. 464-0045
FOX Mini-bike, new clutch, 4 h.p., good condition. $150. 459-3085
EL BUNO Sand and snow bike. Must sell today. $225 or best offer. 728-3119
1968 TRIUMPH Bonneville 650 cc. Tuned, good. Extra, 8 inch Rapid Transit Brakes, 532-3955
LIL' INDIAN-Mini bike, 5 h.p., 1 year old, $140. 277-3553
7-3 Campers & Trailers
TRAVEL TRAILER STORAGE. Fenced, lighted, locked, Excellent location. Yearly and seasonal rates. 31240 Ann Arbor Trail, Plymouth. 455-3830
SEARS Tent Camper, 10x13 with 6 ft. awning, like new, $300. After 6 p.m. 422-1069
VW, 1967 Custom camper, sleeps 6, full gallery, toilet, gas furnace, double heater, 110 wire, $2,350. Bill Brown Ford, 38000 Plymouth Road. 427-9700
RAT TANDEM Trailer. GA 1-7492
15 FOOT Apache 1970 Mesa, fully self contained, custom interior, extras. 4 weeks old, used only twice. 455-3031
2 SLEEPER Hardtop camper, Hercules, stove, refrigerator, extras. $350. 453-4277
1969 CONCORD, 18 ft. travel trailer, self-contained, garage kept, 5 years old. 425-5137
STARCRAFT, 8 sleeper, lights, 3 burner stove, ice box, 25 gallon water tank, very nice. $750. 255-2417
DEER HUNTERS! 1967, 14 ft. travel trailer, stove, refrigerator, furnace, electric brakes, $1,100. 455-2080
MONITOR, 1969, 19 ft. travel trailer, self-contained, sleeps 8, like new. 261-1367
DODGE, 1970, Explorer 21 Motor Home. Loaded, automatic transmission. Extras. Never used. Must sell. $10,500. 427-3694
CAMPER, 1968, sleeps 8, low box, stove, ice box, sink, good condition. 464-0628
1961 17 FT. TROTWOOD Travel Trailer, Sleeps 6. Completely self-contained. Excellent condition. $1,300. 464-1962
SALES or rent, 1968 23 ft. motor home. Full self-contained. Sleeps 6. 421-1863
FOR RENT. Travel Trailer, 17 ft. self contained, sleeps 6. Reserve now for fall. 425-9403
NIMROD, 1967, Riviera tent trailer, excellent condition, with extras. $850. 427-4407
TRAILER PARTS & SUPPLIES
Supermarket shopping at discount prices
Do-It-Yourself Headquarters
GENERAL TRAILERS
between Southfield and Evergreen
FORD, 1969, ¾ ton pick-up with 9'6" camper, power brakes, steering, 390 engine, camper sleeps 4, stove, heater, furnace, 6 ply tires. 455-4451
SALES or RENTAL
H. W. AUTO SALES
WINNEBAGO & RENT GENERAL
Camper Service Center
GL 3-6535
APACHE Eagle fold down camper, $550. 427-5477
BEEMER, 22' self contained, sleeps 6, excellent condition, $2,500. 425-2136
6-2 Household Pets
